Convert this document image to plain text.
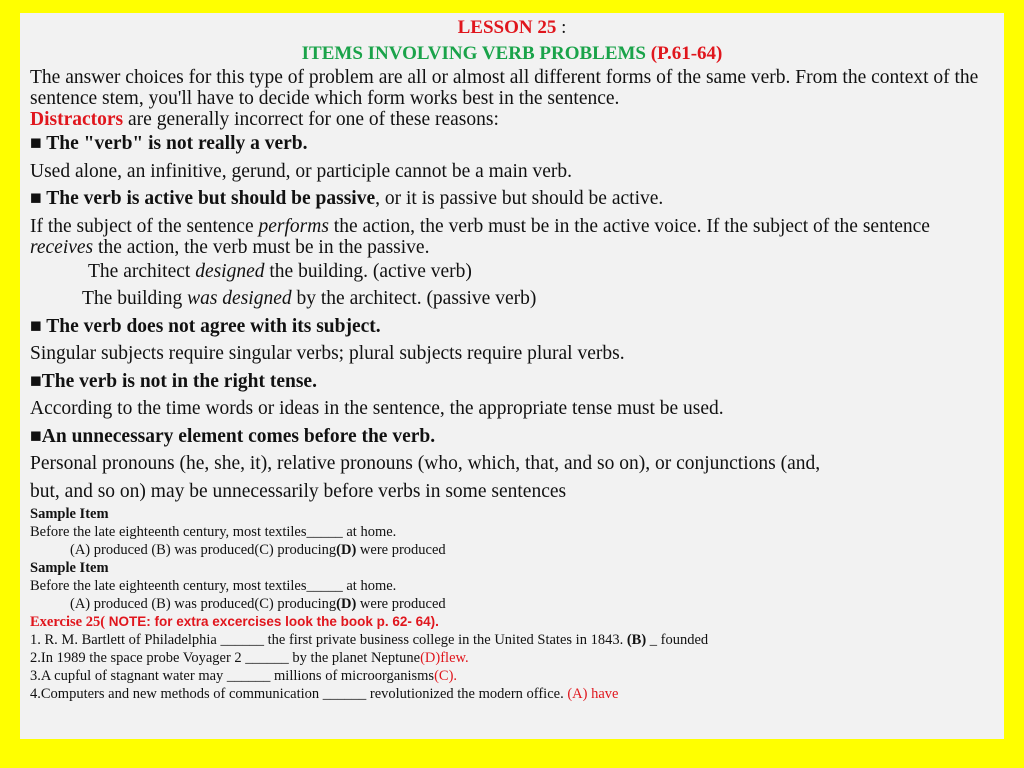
LESSON 25 :
ITEMS INVOLVING VERB PROBLEMS (P.61-64)

The answer choices for this type of problem are all or almost all different forms of the same verb. From the context of the sentence stem, you'll have to decide which form works best in the sentence.

Distractors are generally incorrect for one of these reasons:

■ The "verb" is not really a verb.

Used alone, an infinitive, gerund, or participle cannot be a main verb.

■ The verb is active but should be passive, or it is passive but should be active.

If the subject of the sentence performs the action, the verb must be in the active voice. If the subject of the sentence receives the action, the verb must be in the passive.

The architect designed the building. (active verb)

The building was designed by the architect. (passive verb)

■ The verb does not agree with its subject.

Singular subjects require singular verbs; plural subjects require plural verbs.

■The verb is not in the right tense.

According to the time words or ideas in the sentence, the appropriate tense must be used.

■An unnecessary element comes before the verb.

Personal pronouns (he, she, it), relative pronouns (who, which, that, and so on), or conjunctions (and,

but, and so on) may be unnecessarily before verbs in some sentences

Sample Item

Before the late eighteenth century, most textiles_____ at home.

(A) produced (B) was produced(C) producing(D) were produced

Sample Item

Before the late eighteenth century, most textiles_____ at home.

(A) produced (B) was produced(C) producing(D) were produced

Exercise 25( NOTE: for extra excercises look the book p. 62- 64).

1. R. M. Bartlett of Philadelphia ______ the first private business college in the United States in 1843. (B) _ founded

2.In 1989 the space probe Voyager 2 ______ by the planet Neptune(D)flew.

3.A cupful of stagnant water may ______ millions of microorganisms(C).

4.Computers and new methods of communication ______ revolutionized the modern office. (A) have
